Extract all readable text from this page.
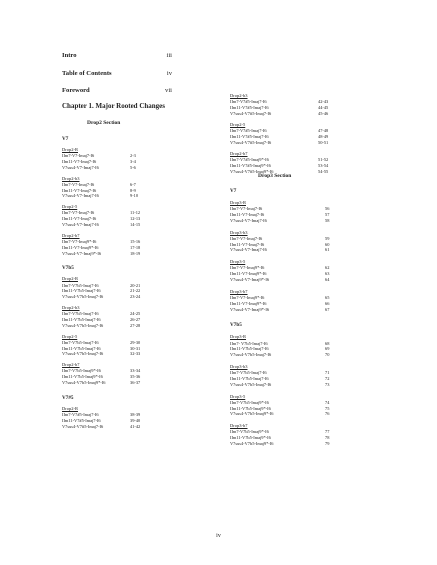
Intro	iii
Table of Contents	iv
Foreword	vii
Chapter 1. Major Rooted Changes
Drop2 Section
V7
Drop2-R
IIm7-V7-Imaj7-I6	2-3
IIm11-V7-Imaj7-I6	3-4
V7sus4-V7-Imaj7-I6	5-6
Drop2-b3
IIm7-V7-Imaj7-I6	6-7
IIm11-V7-Imaj7-I6	8-9
V7sus4-V7-Imaj7-I6	9-10
Drop2-5
IIm7-V7-Imaj7-I6	11-12
IIm11-V7-Imaj7-I6	12-13
V7sus4-V7-Imaj7-I6	14-15
Drop2-b7
IIm7-V7-Imaj9*-I6	15-16
IIm11-V7-Imaj9*-I6	17-18
V7sus4-V7-Imaj9*-I6	18-19
V7b5
Drop2-R
IIm7-V7b5-Imaj7-I6	20-21
IIm11-V7b5-Imaj7-I6	21-22
V7sus4-V7b5-Imaj7-I6	23-24
Drop2-b3
IIm7-V7b5-Imaj7-I6	24-25
IIm11-V7b5-Imaj7-I6	26-27
V7sus4-V7b5-Imaj7-I6	27-28
Drop2-5
IIm7-V7b5-Imaj7-I6	29-30
IIm11-V7b5-Imaj7-I6	30-31
V7sus4-V7b5-Imaj7-I6	32-33
Drop2-b7
IIm7-V7b5-Imaj9*-I6	33-34
IIm11-V7b5-Imaj9*-I6	35-36
V7sus4-V7b5-Imaj9*-I6	36-37
V7#5
Drop2-R
IIm7-V7#5-Imaj7-I6	38-39
IIm11-V7#5-Imaj7-I6	39-40
V7sus4-V7#5-Imaj7-I6	41-42
Drop2-b3
IIm7-V7#5-Imaj7-I6	42-43
IIm11-V7#5-Imaj7-I6	44-45
V7sus4-V7#5-Imaj7-I6	45-46
Drop2-5
IIm7-V7#5-Imaj7-I6	47-48
IIm11-V7#5-Imaj7-I6	48-49
V7sus4-V7#5-Imaj7-I6	50-51
Drop2-b7
IIm7-V7#5-Imaj9*-I6	51-52
IIm11-V7#5-Imaj9*-I6	53-54
V7sus4-V7#5-Imaj9*-I6	54-55
Drop3 Section
V7
Drop3-R
IIm7-V7-Imaj7-I6	56
IIm11-V7-Imaj7-I6	57
V7sus4-V7-Imaj7-I6	58
Drop3-b3
IIm7-V7-Imaj7-I6	59
IIm11-V7-Imaj7-I6	60
V7sus4-V7-Imaj7-I6	61
Drop3-5
IIm7-V7-Imaj9*-I6	62
IIm11-V7-Imaj9*-I6	63
V7sus4-V7-Imaj9*-I6	64
Drop3-b7
IIm7-V7-Imaj9*-I6	65
IIm11-V7-Imaj9*-I6	66
V7sus4-V7-Imaj9*-I6	67
V7b5
Drop3-R
IIm7- V7b5-Imaj7-I6	68
IIm11-V7b5-Imaj7-I6	69
V7sus4-V7b5-Imaj7-I6	70
Drop3-b3
IIm7-V7b5-Imaj7-I6	71
IIm11-V7b5-Imaj7-I6	72
V7sus4-V7b5-Imaj7-I6	73
Drop3-5
IIm7-V7b5-Imaj9*-I6	74
IIm11-V7b5-Imaj9*-I6	75
V7sus4-V7b5-Imaj9*-I6	76
Drop3-b7
IIm7-V7b5-Imaj9*-I6	77
IIm11-V7b5-Imaj9*-I6	78
V7sus4-V7b5-Imaj9*-I6	79
iv
